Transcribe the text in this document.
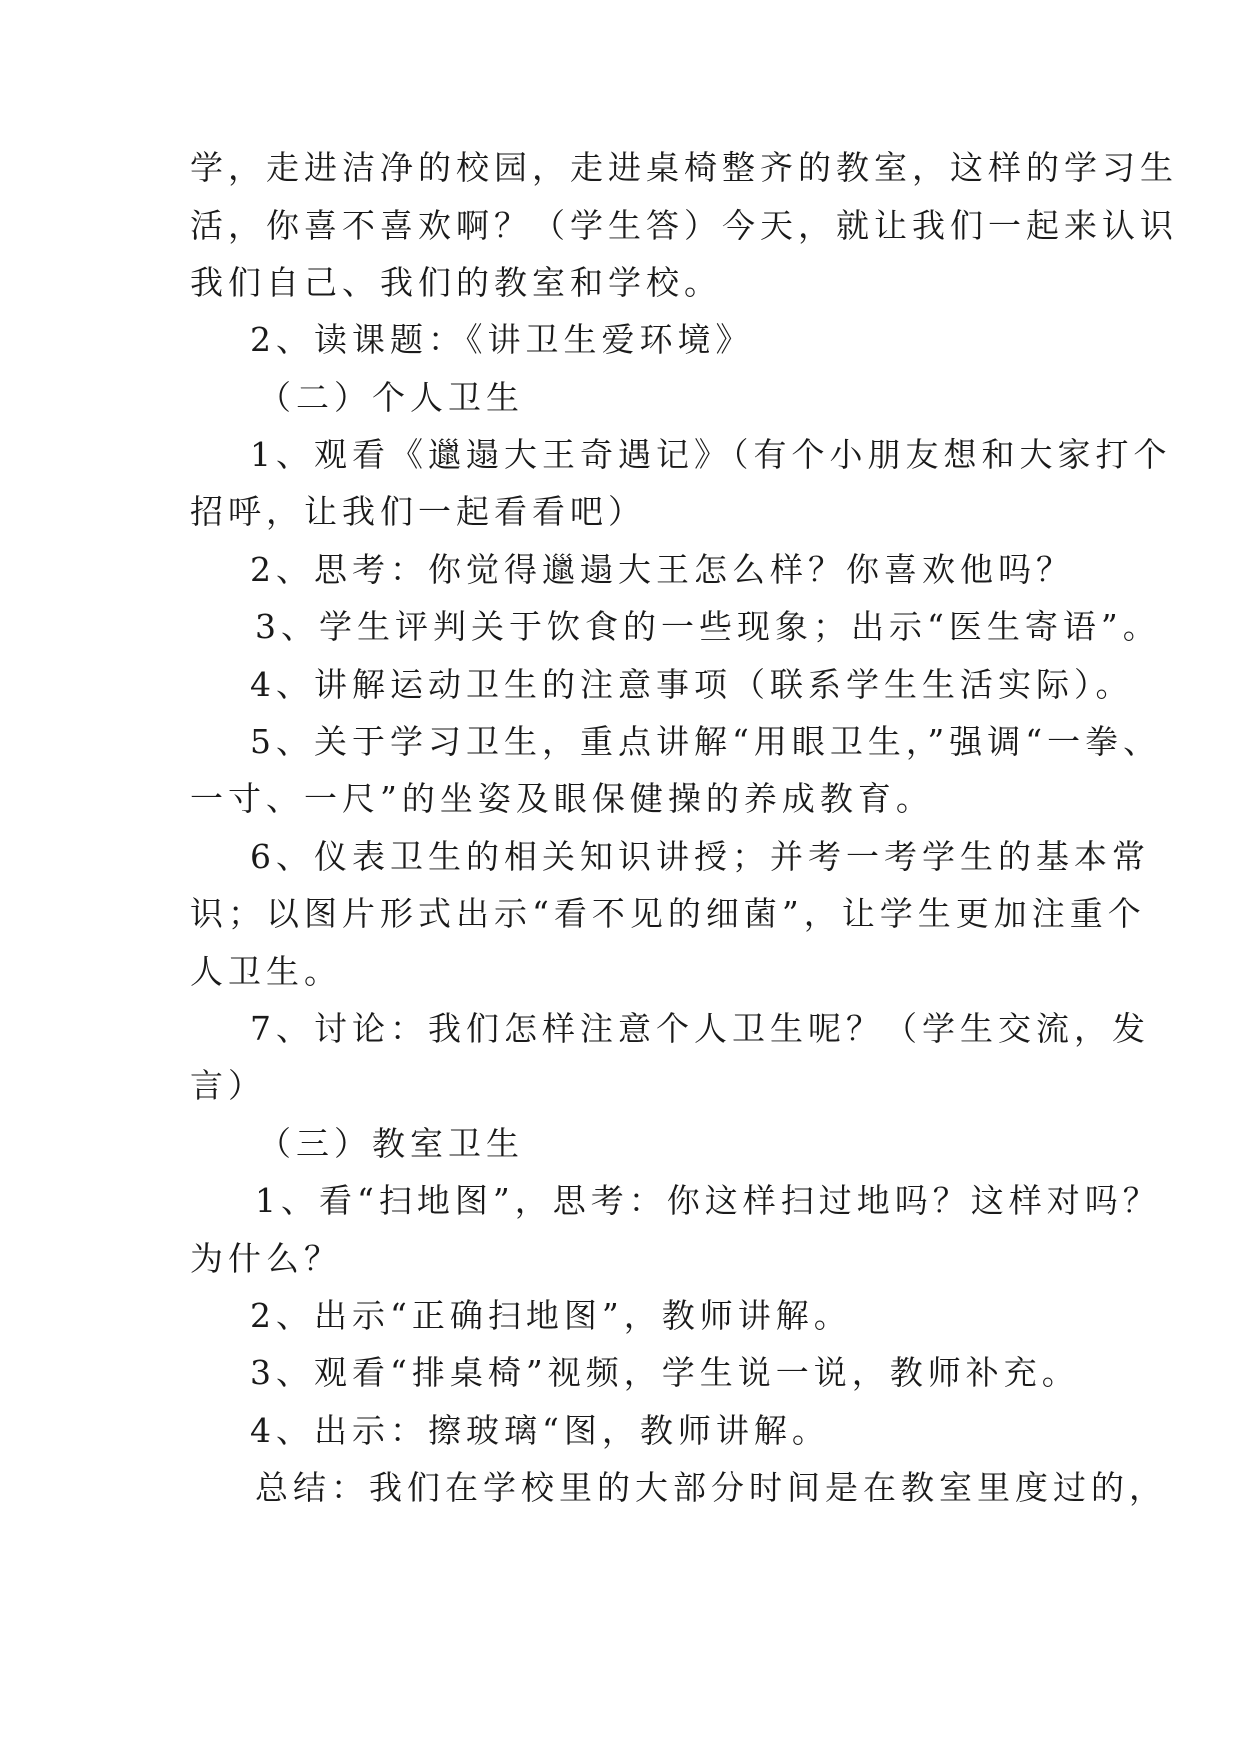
学，走进洁净的校园，走进桌椅整齐的教室，这样的学习生
活，你喜不喜欢啊？（学生答）今天，就让我们一起来认识
我们自己、我们的教室和学校。
2、读课题：《讲卫生爱环境》
（二）个人卫生
1、观看《邋遢大王奇遇记》（有个小朋友想和大家打个
招呼，让我们一起看看吧）
2、思考：你觉得邋遢大王怎么样？你喜欢他吗？
3、学生评判关于饮食的一些现象；出示“医生寄语”。
4、讲解运动卫生的注意事项（联系学生生活实际）。
5、关于学习卫生，重点讲解“用眼卫生，”强调“一拳、
一寸、一尺”的坐姿及眼保健操的养成教育。
6、仪表卫生的相关知识讲授；并考一考学生的基本常
识；以图片形式出示“看不见的细菌”，让学生更加注重个
人卫生。
7、讨论：我们怎样注意个人卫生呢？（学生交流，发
言）
（三）教室卫生
1、看“扫地图”，思考：你这样扫过地吗？这样对吗？
为什么？
2、出示“正确扫地图”，教师讲解。
3、观看“排桌椅”视频，学生说一说，教师补充。
4、出示：擦玻璃“图，教师讲解。
总结：我们在学校里的大部分时间是在教室里度过的，
